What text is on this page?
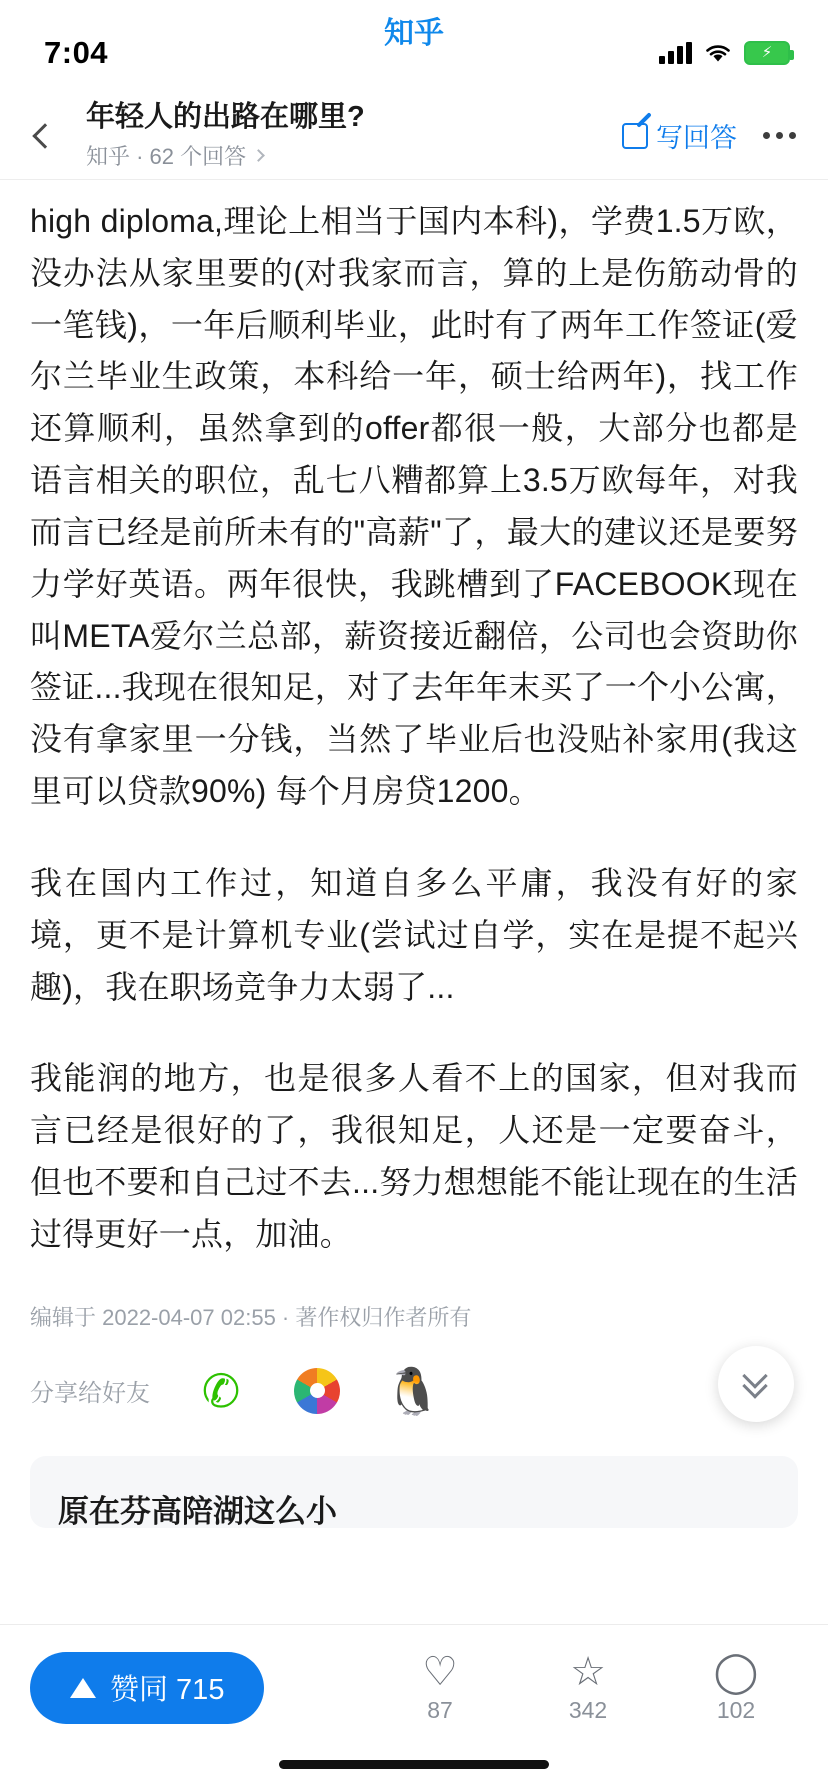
7:04
知乎
⚡
年轻人的出路在哪里?
知乎 · 62 个回答
写回答

high diploma,理论上相当于国内本科)，学费1.5万欧，没办法从家里要的(对我家而言，算的上是伤筋动骨的一笔钱)，一年后顺利毕业，此时有了两年工作签证(爱尔兰毕业生政策，本科给一年，硕士给两年)，找工作还算顺利，虽然拿到的offer都很一般，大部分也都是语言相关的职位，乱七八糟都算上3.5万欧每年，对我而言已经是前所未有的"高薪"了，最大的建议还是要努力学好英语。两年很快，我跳槽到了FACEBOOK现在叫META爱尔兰总部，薪资接近翻倍，公司也会资助你签证...我现在很知足，对了去年年末买了一个小公寓，没有拿家里一分钱，当然了毕业后也没贴补家用(我这里可以贷款90%) 每个月房贷1200。

我在国内工作过，知道自多么平庸，我没有好的家境，更不是计算机专业(尝试过自学，实在是提不起兴趣)，我在职场竞争力太弱了...

我能润的地方，也是很多人看不上的国家，但对我而言已经是很好的了，我很知足，人还是一定要奋斗，但也不要和自己过不去...努力想想能不能让现在的生活过得更好一点，加油。

编辑于 2022-04-07 02:55 · 著作权归作者所有
分享给好友 ✆	🐧
原在芬高陪湖这么小
赞同 715	♡
87
☆
342
◯
102
